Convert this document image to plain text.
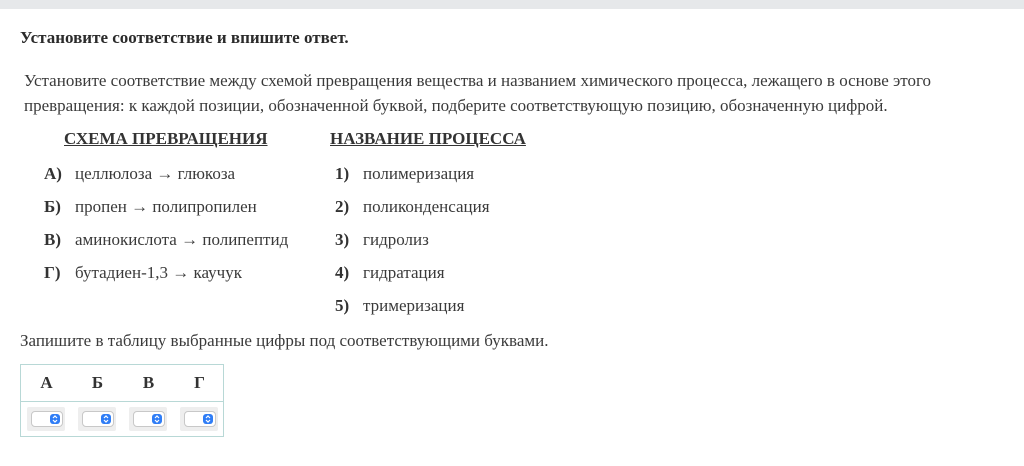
Установите соответствие и впишите ответ.
Установите соответствие между схемой превращения вещества и названием химического процесса, лежащего в основе этого превращения: к каждой позиции, обозначенной буквой, подберите соответствующую позицию, обозначенную цифрой.
СХЕМА ПРЕВРАЩЕНИЯ	НАЗВАНИЕ ПРОЦЕССА
А) целлюлоза → глюкоза
Б) пропен → полипропилен
В) аминокислота → полипептид
Г) бутадиен-1,3 → каучук
1) полимеризация
2) поликонденсация
3) гидролиз
4) гидратация
5) тримеризация
Запишите в таблицу выбранные цифры под соответствующими буквами.
А	Б	В	Г
